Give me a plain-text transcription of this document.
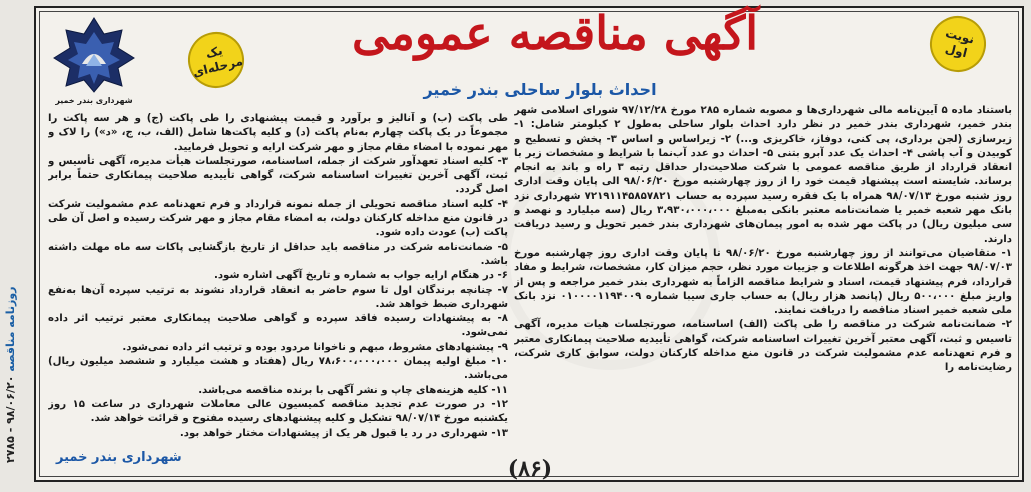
روزنامه مناقصه ۹۸/۰۶/۲۰ - ۲۷۸۵
شهرداری بندر خمیر
نوبت اول
یک مرحله‌ای
آگهی مناقصه عمومی
احداث بلوار ساحلی بندر خمیر

باستناد ماده ۵ آیین‌نامه مالی شهرداری‌ها و مصوبه شماره ۲۸۵ مورخ ۹۷/۱۲/۲۸ شورای اسلامی شهر بندر خمیر، شهرداری بندر خمیر در نظر دارد احداث بلوار ساحلی به‌طول ۲ کیلومتر شامل: ۱- زیرسازی (لجن برداری، پی کنی، دوفاز، خاکریزی و...) ۲- زیراساس و اساس ۳- پخش و تسطیح و کوبیدن و آب پاشی ۴- احداث یک عدد آبرو بتنی ۵- احداث دو عدد آب‌نما با شرایط و مشخصات زیر با انعقاد قرارداد از طریق مناقصه عمومی با شرکت صلاحیت‌دار حداقل رتبه ۳ راه و باند به انجام برساند. شایسته است پیشنهاد قیمت خود را از روز چهارشنبه مورخ ۹۸/۰۶/۲۰ الی پایان وقت اداری روز شنبه مورخ ۹۸/۰۷/۱۳ همراه با یک فقره رسید سپرده به حساب ۷۲۱۹۱۱۴۵۸۵۷۸۲۱ شهرداری نزد بانک مهر شعبه خمیر یا ضمانت‌نامه معتبر بانکی به‌مبلغ ۳،۹۳۰،۰۰۰،۰۰۰ ریال (سه میلیارد و نهصد و سی میلیون ریال) در پاکت مهر شده به امور پیمان‌های شهرداری بندر خمیر تحویل و رسید دریافت دارند.

۱- متقاضیان می‌توانند از روز چهارشنبه مورخ ۹۸/۰۶/۲۰ تا پایان وقت اداری روز چهارشنبه مورخ ۹۸/۰۷/۰۳ جهت اخذ هرگونه اطلاعات و جزییات مورد نظر، حجم میزان کار، مشخصات، شرایط و مفاد قرارداد، فرم پیشنهاد قیمت، اسناد و شرایط مناقصه الزاماً به شهرداری بندر خمیر مراجعه و پس از واریز مبلغ ۵۰۰،۰۰۰ ریال (پانصد هزار ریال) به حساب جاری سیبا شماره ۰۱۰۰۰۰۱۱۹۴۰۰۹ نزد بانک ملی شعبه خمیر اسناد مناقصه را دریافت نمایند.

۲- ضمانت‌نامه شرکت در مناقصه را طی پاکت (الف) اساسنامه، صورتجلسات هیات مدیره، آگهی تاسیس و ثبت، آگهی معتبر آخرین تغییرات اساسنامه شرکت، گواهی تأییدیه صلاحیت پیمانکاری معتبر و فرم تعهدنامه عدم مشمولیت شرکت در قانون منع مداخله کارکنان دولت، سوابق کاری شرکت، رضایت‌نامه را

طی پاکت (ب) و آنالیز و برآورد و قیمت پیشنهادی را طی پاکت (ج) و هر سه پاکت را مجموعاً در یک پاکت چهارم به‌نام پاکت (د) و کلیه پاکت‌ها شامل (الف، ب، ج، «د») را لاک و مهر نموده با امضاء مقام مجاز و مهر شرکت ارایه و تحویل فرمایید.

۳- کلیه اسناد تعهدآور شرکت از جمله، اساسنامه، صورتجلسات هیأت مدیره، آگهی تأسیس و ثبت، آگهی آخرین تغییرات اساسنامه شرکت، گواهی تأییدیه صلاحیت پیمانکاری حتماً برابر اصل گردد.

۴- کلیه اسناد مناقصه تحویلی از جمله نمونه قرارداد و فرم تعهدنامه عدم مشمولیت شرکت در قانون منع مداخله کارکنان دولت، به امضاء مقام مجاز و مهر شرکت رسیده و اصل آن طی پاکت (ب) عودت داده شود.

۵- ضمانت‌نامه شرکت در مناقصه باید حداقل از تاریخ بازگشایی پاکات سه ماه مهلت داشته باشد.

۶- در هنگام ارایه جواب به شماره و تاریخ آگهی اشاره شود.

۷- چنانچه برندگان اول تا سوم حاضر به انعقاد قرارداد نشوند به ترتیب سپرده آن‌ها به‌نفع شهرداری ضبط خواهد شد.

۸- به پیشنهادات رسیده فاقد سپرده و گواهی صلاحیت پیمانکاری معتبر ترتیب اثر داده نمی‌شود.

۹- پیشنهادهای مشروط، مبهم و ناخوانا مردود بوده و ترتیب اثر داده نمی‌شود.

۱۰- مبلغ اولیه پیمان ۷۸،۶۰۰،۰۰۰،۰۰۰ ریال (هفتاد و هشت میلیارد و ششصد میلیون ریال) می‌باشد.

۱۱- کلیه هزینه‌های چاپ و نشر آگهی با برنده مناقصه می‌باشد.

۱۲- در صورت عدم تجدید مناقصه کمیسیون عالی معاملات شهرداری در ساعت ۱۵ روز یکشنبه مورخ ۹۸/۰۷/۱۴ تشکیل و کلیه پیشنهادهای رسیده مفتوح و قرائت خواهد شد.

۱۳- شهرداری در رد یا قبول هر یک از پیشنهادات مختار خواهد بود.

شهرداری بندر خمیر	(۸۶)
